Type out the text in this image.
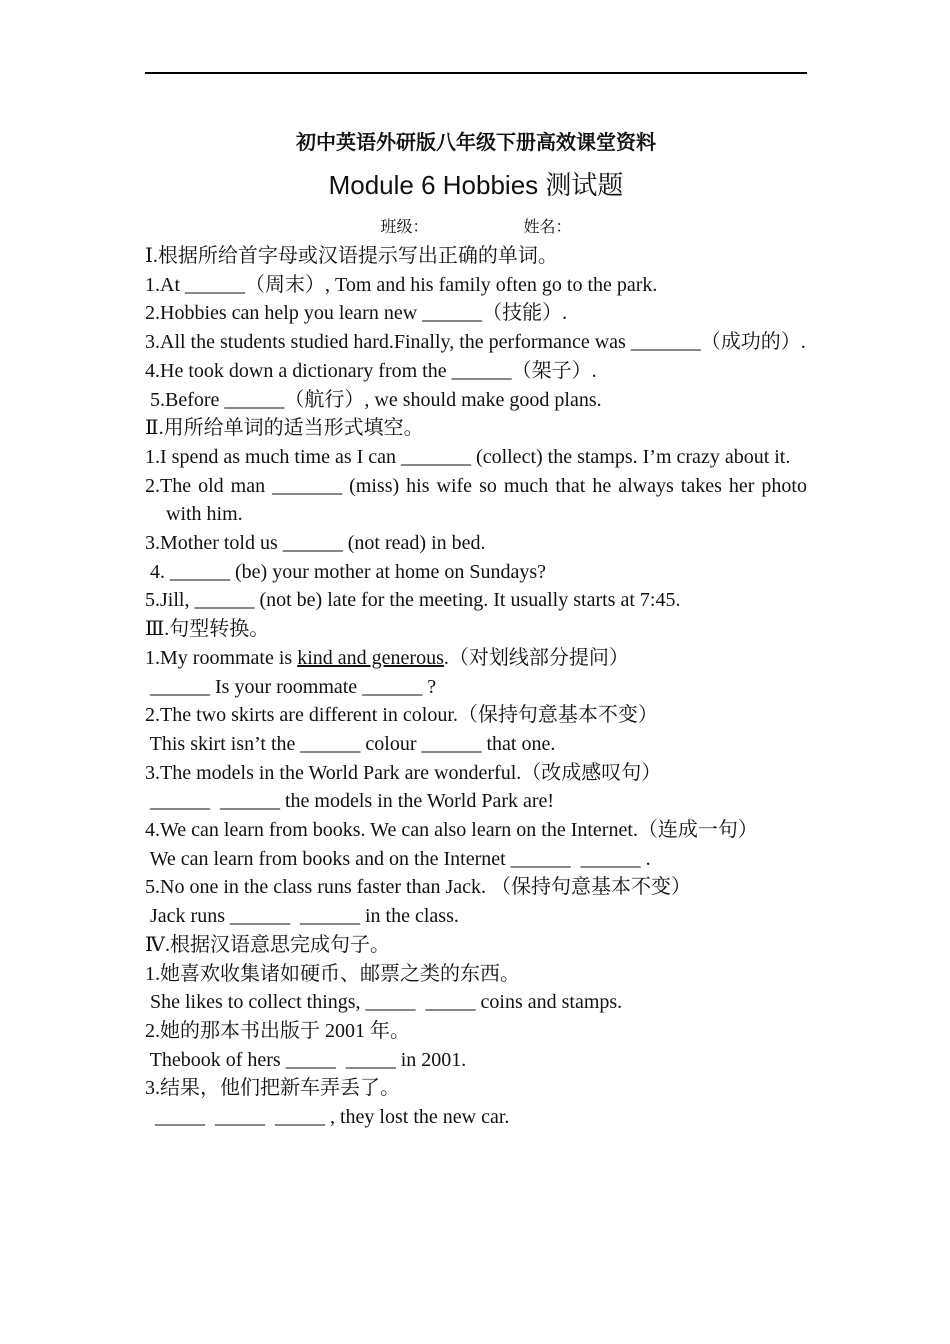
初中英语外研版八年级下册高效课堂资料
Module 6 Hobbies 测试题
班级：	姓名：
Ⅰ.根据所给首字母或汉语提示写出正确的单词。
1.At ______（周末）, Tom and his family often go to the park.
2.Hobbies can help you learn new ______（技能）.
3.All the students studied hard.Finally, the performance was _______（成功的）.
4.He took down a dictionary from the ______（架子）.
5.Before ______（航行）, we should make good plans.
Ⅱ.用所给单词的适当形式填空。
1.I spend as much time as I can _______ (collect) the stamps. I’m crazy about it.
2.The old man _______ (miss) his wife so much that he always takes her photo with him.
3.Mother told us ______ (not read) in bed.
4. ______ (be) your mother at home on Sundays?
5.Jill, ______ (not be) late for the meeting. It usually starts at 7:45.
Ⅲ.句型转换。
1.My roommate is kind and generous.（对划线部分提问）
______ Is your roommate ______ ?
2.The two skirts are different in colour.（保持句意基本不变）
This skirt isn’t the ______ colour ______ that one.
3.The models in the World Park are wonderful.（改成感叹句）
______  ______ the models in the World Park are!
4.We can learn from books. We can also learn on the Internet.（连成一句）
We can learn from books and on the Internet ______  ______ .
5.No one in the class runs faster than Jack. （保持句意基本不变）
Jack runs ______  ______ in the class.
Ⅳ.根据汉语意思完成句子。
1.她喜欢收集诸如硬币、邮票之类的东西。
She likes to collect things, _____  _____ coins and stamps.
2.她的那本书出版于 2001 年。
Thebook of hers _____  _____ in 2001.
3.结果，他们把新车弄丢了。
_____  _____  _____ , they lost the new car.
